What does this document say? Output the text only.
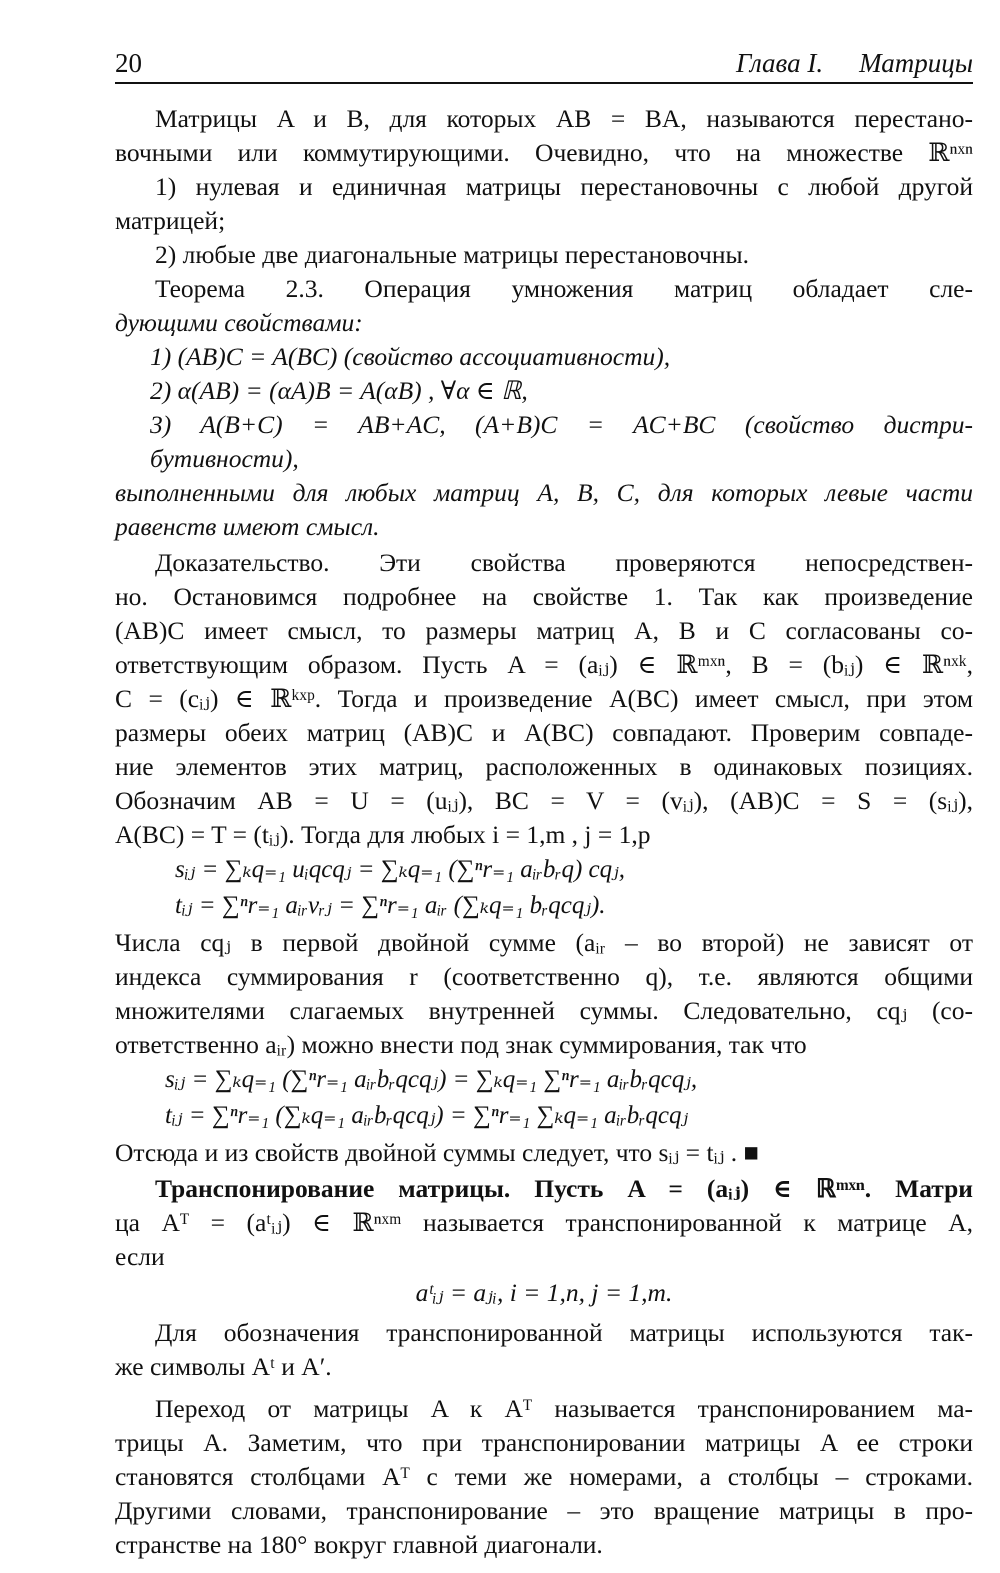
20	Глава I. Матрицы
Матрицы A и B, для которых AB = BA, называются перестано-
вочными или коммутирующими. Очевидно, что на множестве ℝⁿˣⁿ
1) нулевая и единичная матрицы перестановочны с любой другой
матрицей;
2) любые две диагональные матрицы перестановочны.
Теорема 2.3. Операция умножения матриц обладает сле-
дующими свойствами:
1) (AB)C = A(BC) (свойство ассоциативности),
2) α(AB) = (αA)B = A(αB) , ∀α ∈ ℝ,
3) A(B+C) = AB+AC, (A+B)C = AC+BC (свойство дистри-
бутивности),
выполненными для любых матриц A, B, C, для которых левые части
равенств имеют смысл.
Доказательство. Эти свойства проверяются непосредствен-
но. Остановимся подробнее на свойстве 1. Так как произведение
(AB)C имеет смысл, то размеры матриц A, B и C согласованы со-
ответствующим образом. Пусть A = (aᵢⱼ) ∈ ℝᵐˣⁿ, B = (bᵢⱼ) ∈ ℝⁿˣᵏ,
C = (cᵢⱼ) ∈ ℝᵏˣᵖ. Тогда и произведение A(BC) имеет смысл, при этом
размеры обеих матриц (AB)C и A(BC) совпадают. Проверим совпаде-
ние элементов этих матриц, расположенных в одинаковых позициях.
Обозначим AB = U = (uᵢⱼ), BC = V = (vᵢⱼ), (AB)C = S = (sᵢⱼ),
A(BC) = T = (tᵢⱼ). Тогда для любых i = 1,m , j = 1,p
sᵢⱼ = ∑ₖq₌₁ uᵢqcqⱼ = ∑ₖq₌₁ (∑ⁿr₌₁ aᵢᵣbᵣq) cqⱼ,
tᵢⱼ = ∑ⁿr₌₁ aᵢᵣvᵣⱼ = ∑ⁿr₌₁ aᵢᵣ (∑ₖq₌₁ bᵣqcqⱼ).
Числа cqⱼ в первой двойной сумме (aᵢᵣ – во второй) не зависят от
индекса суммирования r (соответственно q), т.е. являются общими
множителями слагаемых внутренней суммы. Следовательно, cqⱼ (со-
ответственно aᵢᵣ) можно внести под знак суммирования, так что
sᵢⱼ = ∑ₖq₌₁ (∑ⁿr₌₁ aᵢᵣbᵣqcqⱼ) = ∑ₖq₌₁ ∑ⁿr₌₁ aᵢᵣbᵣqcqⱼ,
tᵢⱼ = ∑ⁿr₌₁ (∑ₖq₌₁ aᵢᵣbᵣqcqⱼ) = ∑ⁿr₌₁ ∑ₖq₌₁ aᵢᵣbᵣqcqⱼ
Отсюда и из свойств двойной суммы следует, что sᵢⱼ = tᵢⱼ . ■
Транспонирование матрицы. Пусть A = (aᵢⱼ) ∈ ℝᵐˣⁿ. Матри
ца Aᵀ = (aᵗᵢⱼ) ∈ ℝⁿˣᵐ называется транспонированной к матрице A,
если
aᵗᵢⱼ = aⱼᵢ, i = 1,n, j = 1,m.
Для обозначения транспонированной матрицы используются так-
же символы Aᵗ и A′.
Переход от матрицы A к Aᵀ называется транспонированием ма-
трицы A. Заметим, что при транспонировании матрицы A ее строки
становятся столбцами Aᵀ с теми же номерами, а столбцы – строками.
Другими словами, транспонирование – это вращение матрицы в про-
странстве на 180° вокруг главной диагонали.
